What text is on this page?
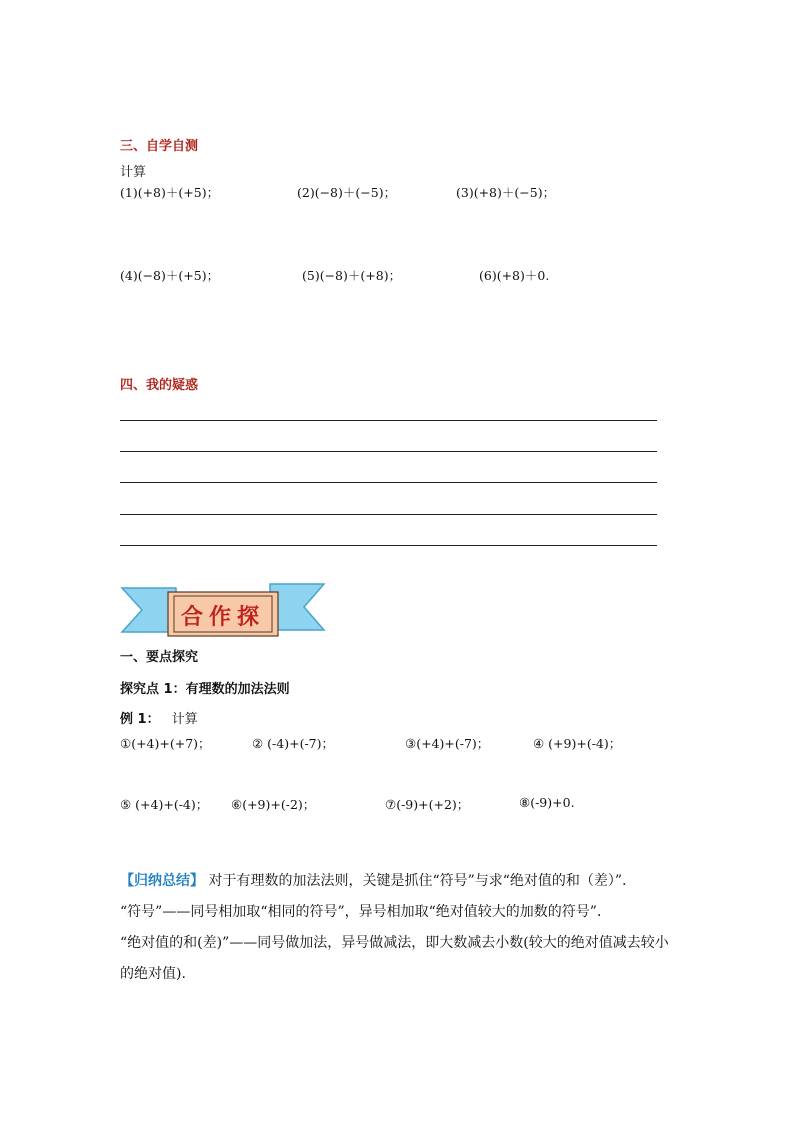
三、自学自测
计算
(1)(+8)＋(+5)；	(2)(−8)＋(−5)；	(3)(+8)＋(−5)；
(4)(−8)＋(+5)；	(5)(−8)＋(+8)；	(6)(+8)＋0.
四、我的疑惑
合作探
一、要点探究
探究点 1：有理数的加法法则
例 1： 计算
①(+4)+(+7)；	② (-4)+(-7)；	③(+4)+(-7)；	④ (+9)+(-4)；
⑤ (+4)+(-4)； ⑥(+9)+(-2)；	⑦(-9)+(+2)；	⑧(-9)+0.
【归纳总结】 对于有理数的加法法则，关键是抓住“符号”与求“绝对值的和（差）”．
“符号”——同号相加取“相同的符号”，异号相加取“绝对值较大的加数的符号”．
“绝对值的和(差)”——同号做加法，异号做减法，即大数减去小数(较大的绝对值减去较小的绝对值).
